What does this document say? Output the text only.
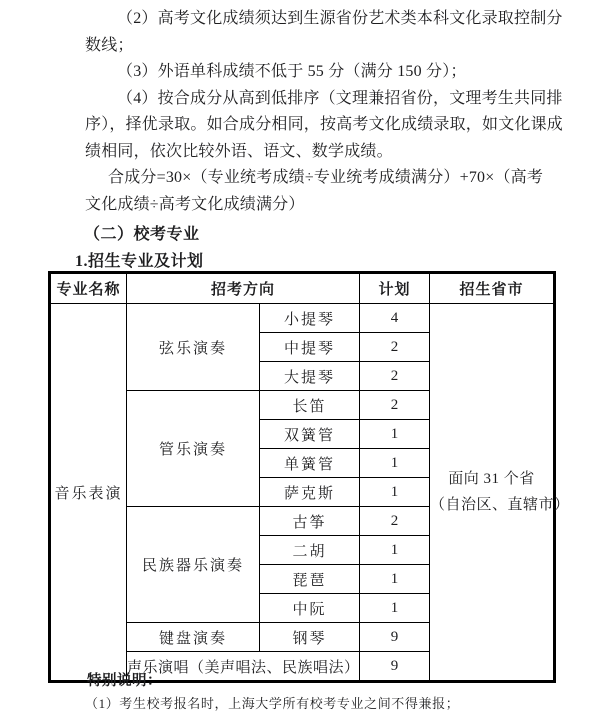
（2）高考文化成绩须达到生源省份艺术类本科文化录取控制分
数线；
（3）外语单科成绩不低于 55 分（满分 150 分）；
（4）按合成分从高到低排序（文理兼招省份，文理考生共同排
序），择优录取。如合成分相同，按高考文化成绩录取，如文化课成
绩相同，依次比较外语、语文、数学成绩。
合成分=30×（专业统考成绩÷专业统考成绩满分）+70×（高考
文化成绩÷高考文化成绩满分）
（二）校考专业
1.招生专业及计划
专业名称	招考方向		计划	招生省市
音乐表演	弦乐演奏	小提琴	4	面向 31 个省
（自治区、直辖市）

		中提琴	2	
		大提琴	2	
	管乐演奏	长笛	2	
		双簧管	1	
		单簧管	1	
		萨克斯	1	
	民族器乐演奏	古筝	2	
		二胡	1	
		琵琶	1	
		中阮	1	
	键盘演奏	钢琴	9	
	声乐演唱（美声唱法、民族唱法）		9	
特别说明：
（1）考生校考报名时，上海大学所有校考专业之间不得兼报；
